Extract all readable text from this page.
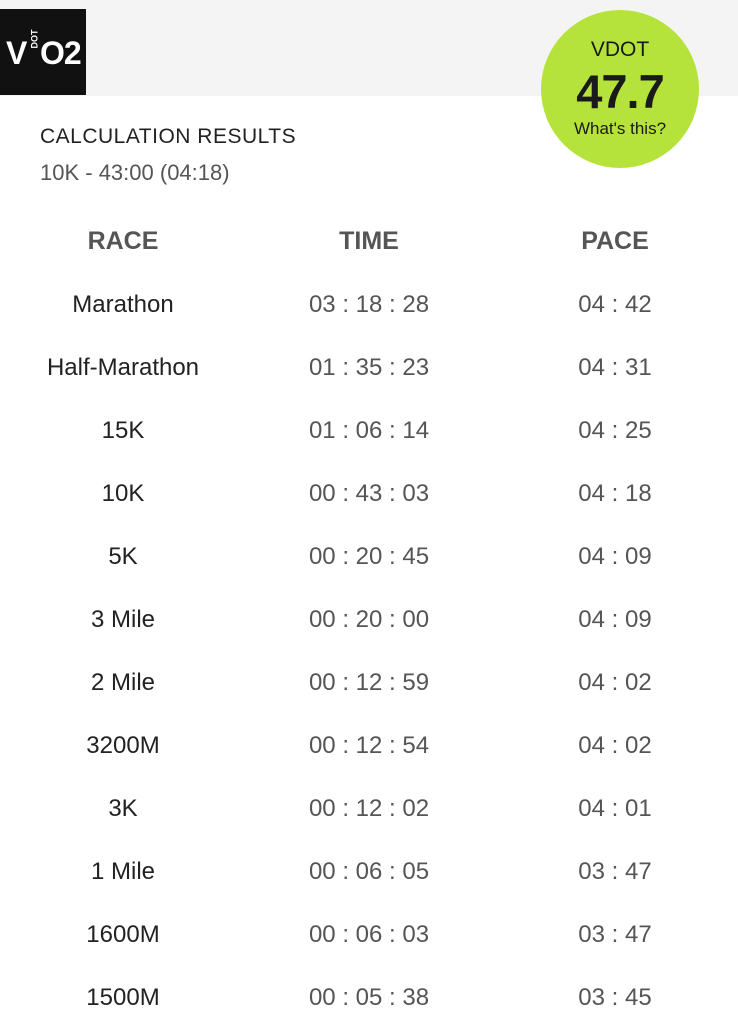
V DOT O2	VDOT
47.7
What's this?
CALCULATION RESULTS
10K - 43:00 (04:18)
RACE	TIME	PACE
Marathon	03 : 18 : 28	04 : 42
Half-Marathon	01 : 35 : 23	04 : 31
15K	01 : 06 : 14	04 : 25
10K	00 : 43 : 03	04 : 18
5K	00 : 20 : 45	04 : 09
3 Mile	00 : 20 : 00	04 : 09
2 Mile	00 : 12 : 59	04 : 02
3200M	00 : 12 : 54	04 : 02
3K	00 : 12 : 02	04 : 01
1 Mile	00 : 06 : 05	03 : 47
1600M	00 : 06 : 03	03 : 47
1500M	00 : 05 : 38	03 : 45
